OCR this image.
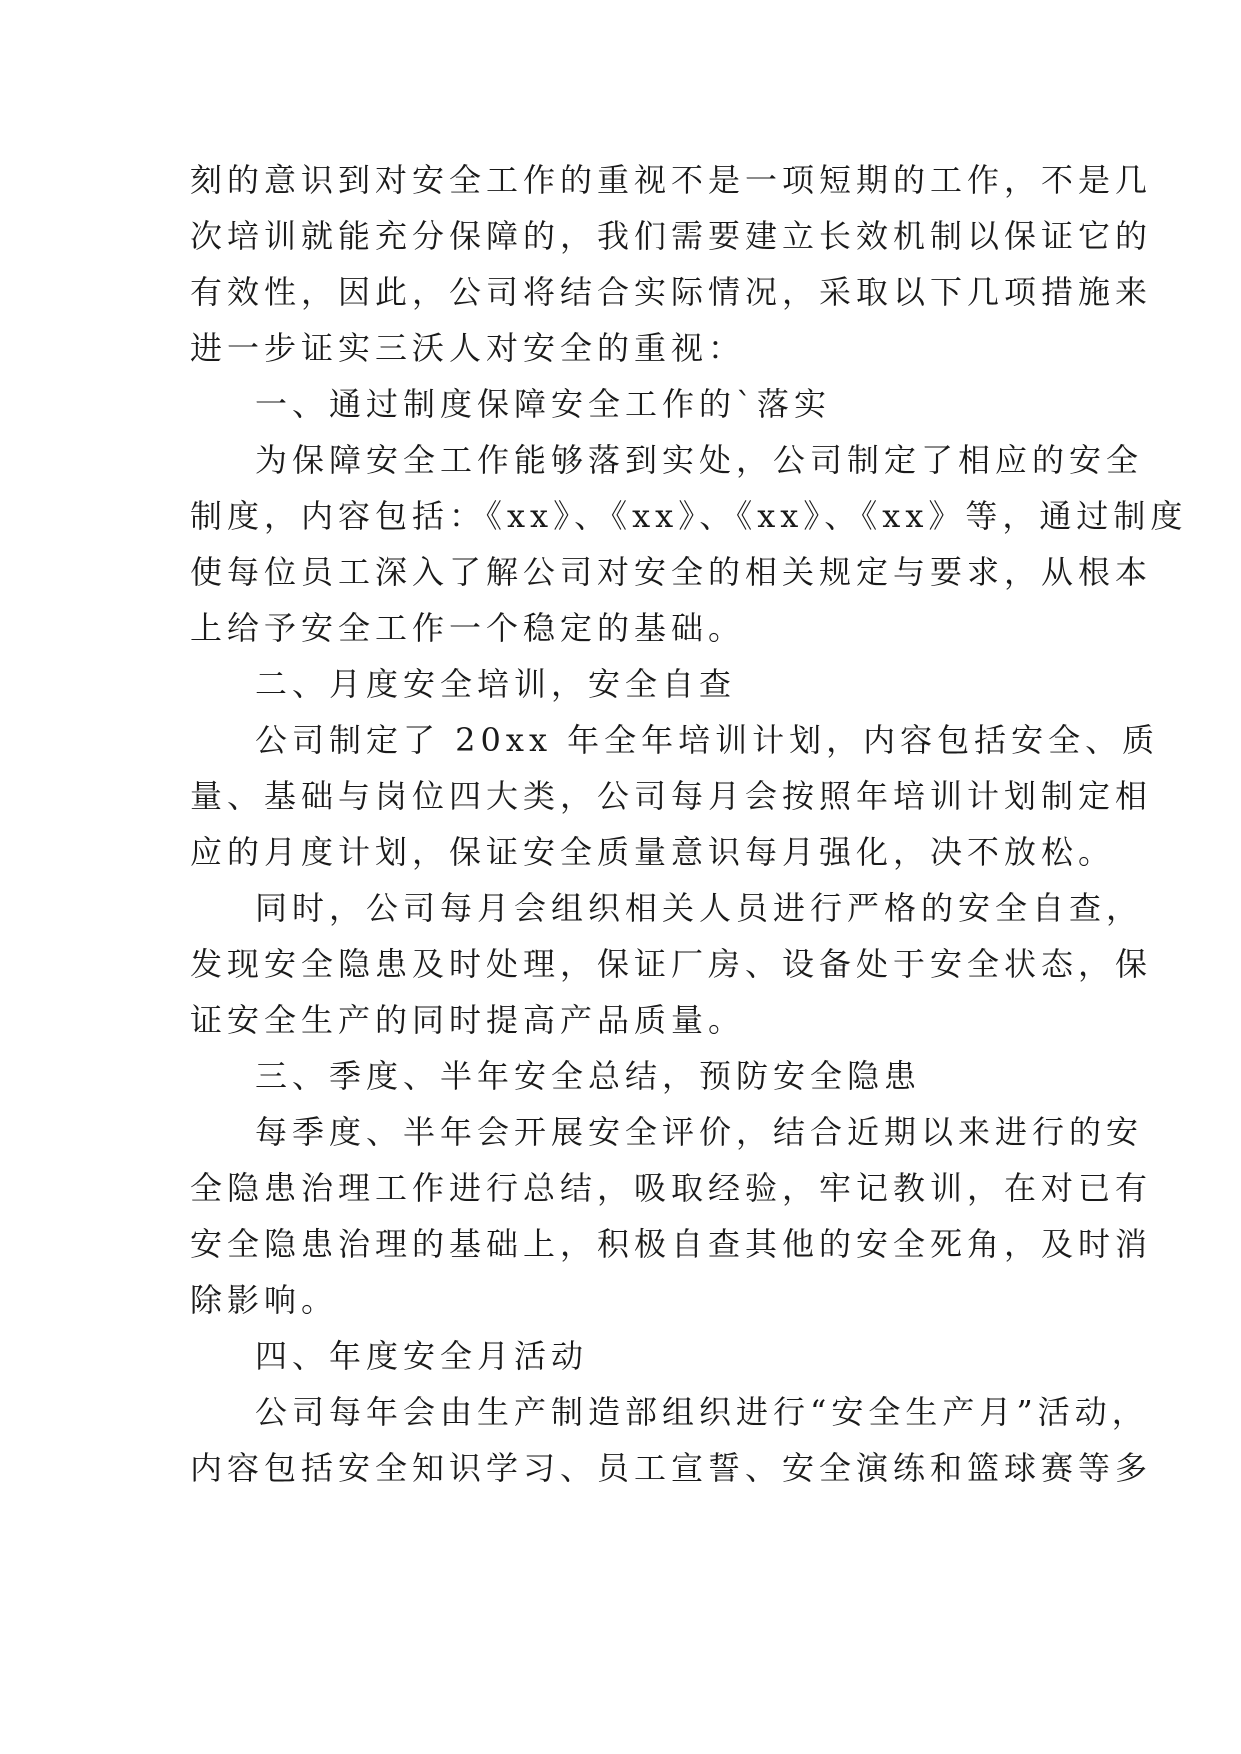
刻的意识到对安全工作的重视不是一项短期的工作，不是几
次培训就能充分保障的，我们需要建立长效机制以保证它的
有效性，因此，公司将结合实际情况，采取以下几项措施来
进一步证实三沃人对安全的重视：
一、通过制度保障安全工作的`落实
为保障安全工作能够落到实处，公司制定了相应的安全
制度，内容包括：《xx》、《xx》、《xx》、《xx》等，通过制度
使每位员工深入了解公司对安全的相关规定与要求，从根本
上给予安全工作一个稳定的基础。
二、月度安全培训，安全自查
公司制定了 20xx 年全年培训计划，内容包括安全、质
量、基础与岗位四大类，公司每月会按照年培训计划制定相
应的月度计划，保证安全质量意识每月强化，决不放松。
同时，公司每月会组织相关人员进行严格的安全自查，
发现安全隐患及时处理，保证厂房、设备处于安全状态，保
证安全生产的同时提高产品质量。
三、季度、半年安全总结，预防安全隐患
每季度、半年会开展安全评价，结合近期以来进行的安
全隐患治理工作进行总结，吸取经验，牢记教训，在对已有
安全隐患治理的基础上，积极自查其他的安全死角，及时消
除影响。
四、年度安全月活动
公司每年会由生产制造部组织进行“安全生产月”活动，
内容包括安全知识学习、员工宣誓、安全演练和篮球赛等多
